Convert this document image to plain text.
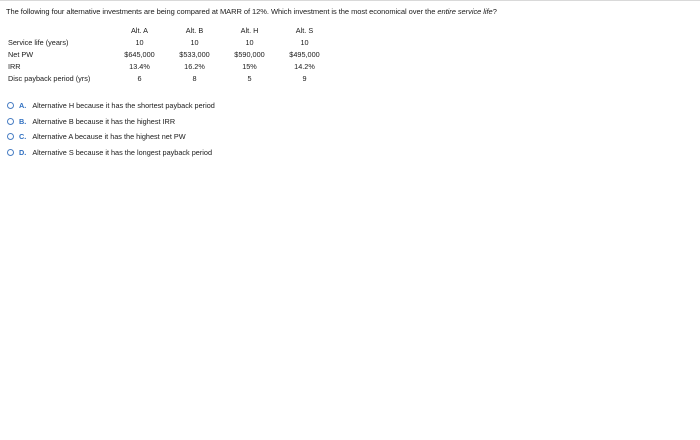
The following four alternative investments are being compared at MARR of 12%. Which investment is the most economical over the entire service life?
	Alt. A	Alt. B	Alt. H	Alt. S
Service life (years)	10	10	10	10
Net PW	$645,000	$533,000	$590,000	$495,000
IRR	13.4%	16.2%	15%	14.2%
Disc payback period (yrs)	6	8	5	9
A. Alternative H because it has the shortest payback period
B. Alternative B because it has the highest IRR
C. Alternative A because it has the highest net PW
D. Alternative S because it has the longest payback period
